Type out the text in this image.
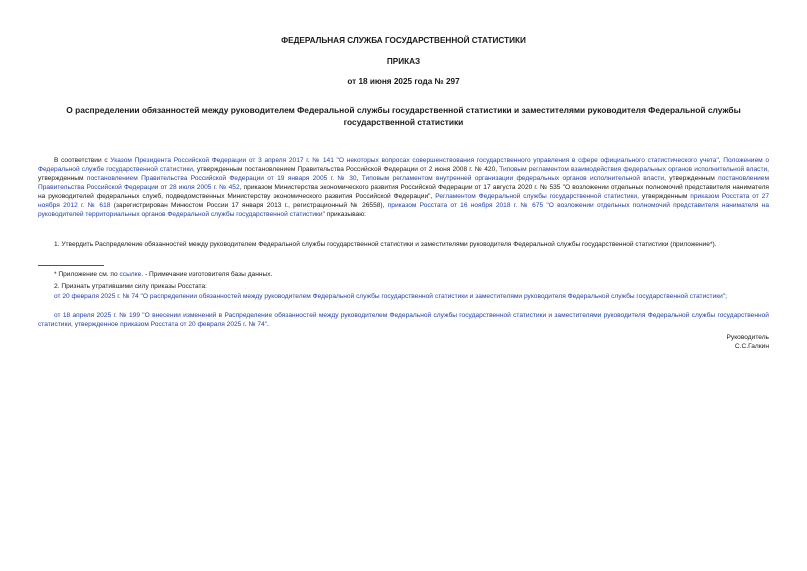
ФЕДЕРАЛЬНАЯ СЛУЖБА ГОСУДАРСТВЕННОЙ СТАТИСТИКИ
ПРИКАЗ
от 18 июня 2025 года № 297
О распределении обязанностей между руководителем Федеральной службы государственной статистики и заместителями руководителя Федеральной службы государственной статистики

В соответствии с Указом Президента Российской Федерации от 3 апреля 2017 г. № 141 "О некоторых вопросах совершенствования государственного управления в сфере официального статистического учета", Положением о Федеральной службе государственной статистики, утвержденным постановлением Правительства Российской Федерации от 2 июня 2008 г. № 420, Типовым регламентом взаимодействия федеральных органов исполнительной власти, утвержденным постановлением Правительства Российской Федерации от 19 января 2005 г. № 30, Типовым регламентом внутренней организации федеральных органов исполнительной власти, утвержденным постановлением Правительства Российской Федерации от 28 июля 2005 г. № 452, приказом Министерства экономического развития Российской Федерации от 17 августа 2020 г. № 535 "О возложении отдельных полномочий представителя нанимателя на руководителей федеральных служб, подведомственных Министерству экономического развития Российской Федерации", Регламентом Федеральной службы государственной статистики, утвержденным приказом Росстата от 27 ноября 2012 г. № 618 (зарегистрирован Минюстом России 17 января 2013 г., регистрационный № 26558), приказом Росстата от 16 ноября 2018 г. № 675 "О возложении отдельных полномочий представителя нанимателя на руководителей территориальных органов Федеральной службы государственной статистики" приказываю:

1. Утвердить Распределение обязанностей между руководителем Федеральной службы государственной статистики и заместителями руководителя Федеральной службы государственной статистики (приложение*).

* Приложение см. по ссылке. - Примечание изготовителя базы данных.

2. Признать утратившими силу приказы Росстата:

от 20 февраля 2025 г. № 74 "О распределении обязанностей между руководителем Федеральной службы государственной статистики и заместителями руководителя Федеральной службы государственной статистики";

от 18 апреля 2025 г. № 199 "О внесении изменений в Распределение обязанностей между руководителем Федеральной службы государственной статистики и заместителями руководителя Федеральной службы государственной статистики, утвержденное приказом Росстата от 20 февраля 2025 г. № 74".

Руководитель
С.С.Галкин
